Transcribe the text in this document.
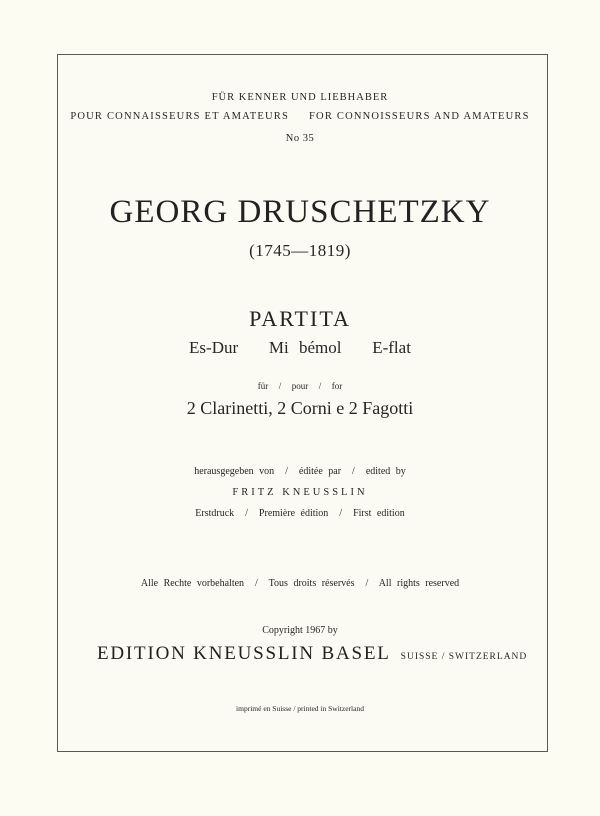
FÜR KENNER UND LIEBHABER
POUR CONNAISSEURS ET AMATEURS FOR CONNOISSEURS AND AMATEURS
No 35
GEORG DRUSCHETZKY
(1745—1819)
PARTITA
Es-Dur   Mi bémol   E-flat
für  /  pour  /  for
2 Clarinetti, 2 Corni e 2 Fagotti
herausgegeben von  /  éditée par  /  edited by
FRITZ KNEUSSLIN
Erstdruck  /  Première édition  /  First edition
Alle Rechte vorbehalten  /  Tous droits réservés  /  All rights reserved
Copyright 1967 by
EDITION KNEUSSLIN BASEL SUISSE / SWITZERLAND
imprimé en Suisse / printed in Switzerland
